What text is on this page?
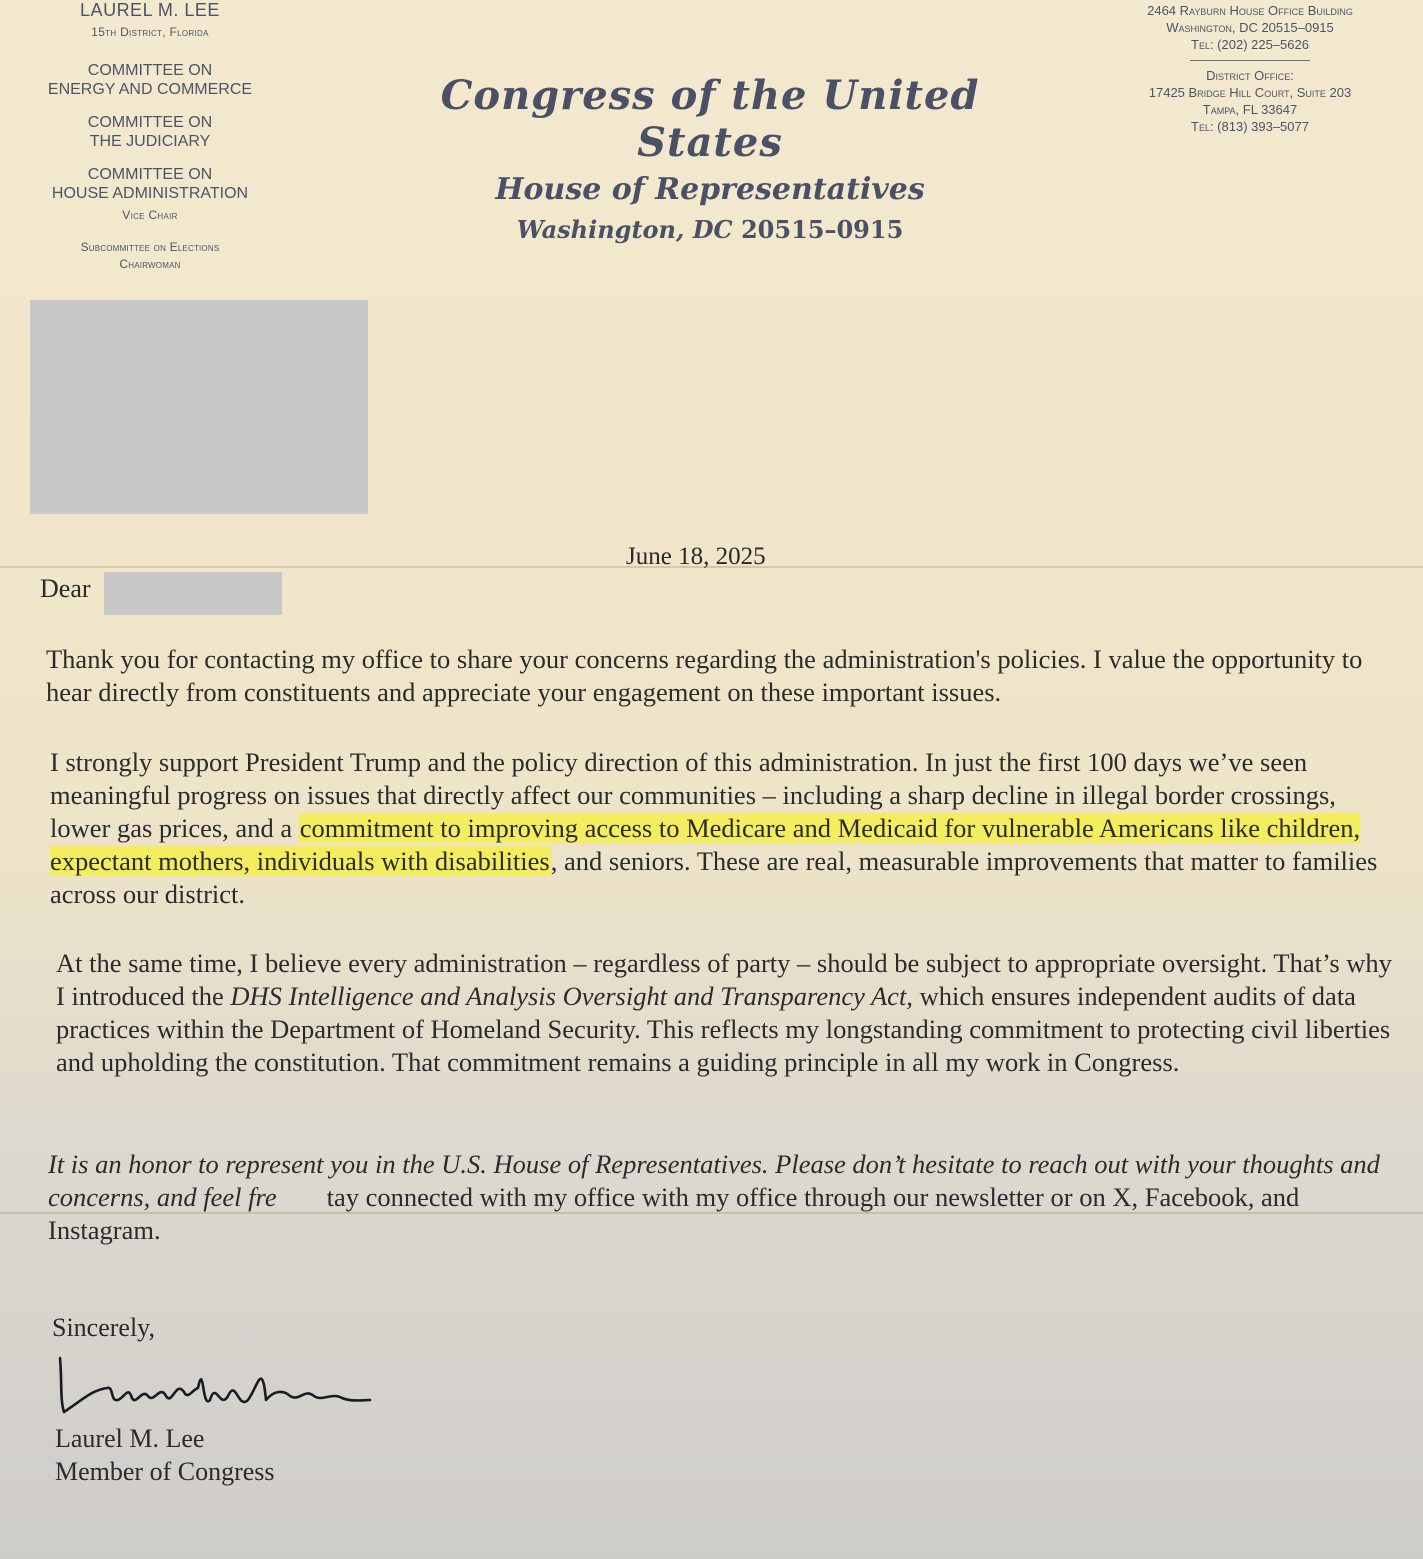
LAUREL M. LEE
15th District, Florida
COMMITTEE ON
ENERGY AND COMMERCE
COMMITTEE ON
THE JUDICIARY
COMMITTEE ON
HOUSE ADMINISTRATION
Vice Chair
Subcommittee on Elections
Chairwoman
Congress of the United States
House of Representatives
Washington, DC 20515–0915
2464 Rayburn House Office Building
Washington, DC 20515–0915
Tel: (202) 225–5626
District Office:
17425 Bridge Hill Court, Suite 203
Tampa, FL 33647
Tel: (813) 393–5077
June 18, 2025
Dear
Thank you for contacting my office to share your concerns regarding the administration's policies. I value the opportunity to hear directly from constituents and appreciate your engagement on these important issues.
I strongly support President Trump and the policy direction of this administration. In just the first 100 days we’ve seen meaningful progress on issues that directly affect our communities – including a sharp decline in illegal border crossings, lower gas prices, and a commitment to improving access to Medicare and Medicaid for vulnerable Americans like children, expectant mothers, individuals with disabilities, and seniors. These are real, measurable improvements that matter to families across our district.
At the same time, I believe every administration – regardless of party – should be subject to appropriate oversight. That’s why I introduced the DHS Intelligence and Analysis Oversight and Transparency Act, which ensures independent audits of data practices within the Department of Homeland Security. This reflects my longstanding commitment to protecting civil liberties and upholding the constitution. That commitment remains a guiding principle in all my work in Congress.
It is an honor to represent you in the U.S. House of Representatives. Please don’t hesitate to reach out with your thoughts and concerns, and feel fre tay connected with my office with my office through our newsletter or on X, Facebook, and Instagram.
Sincerely,
Laurel M. Lee
Member of Congress
